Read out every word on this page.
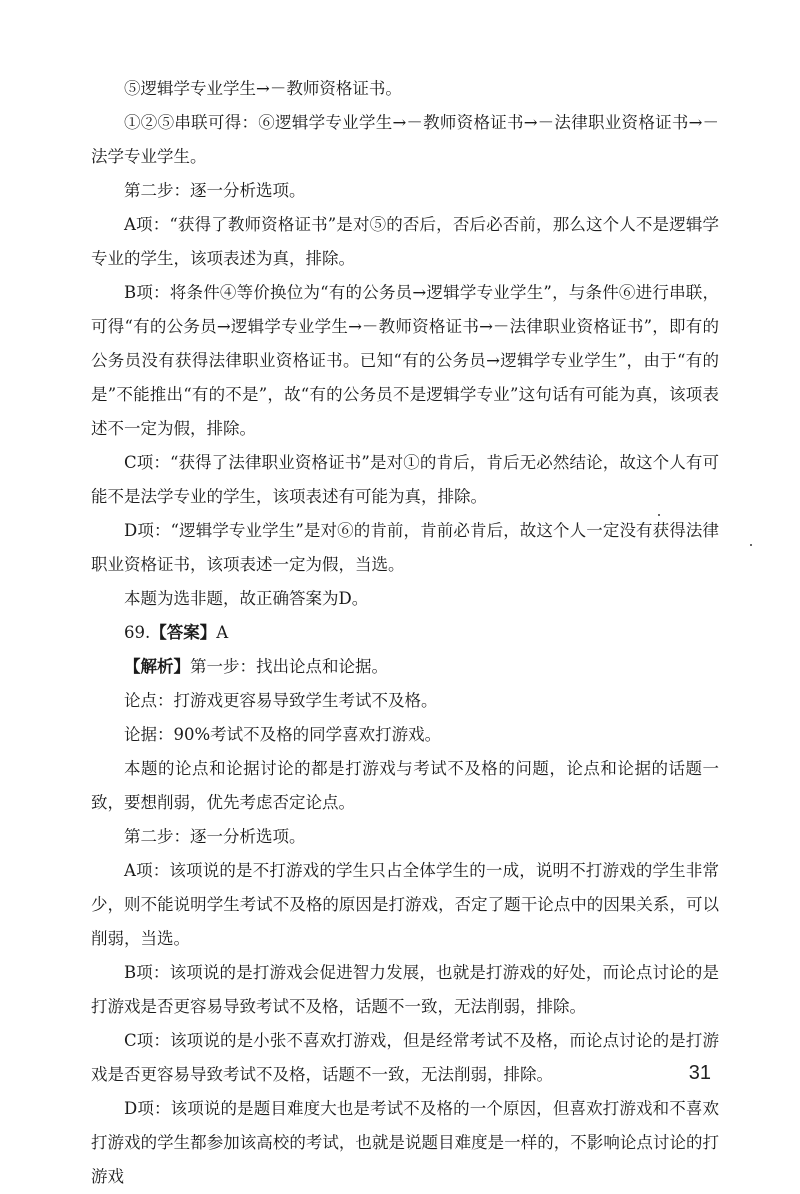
⑤逻辑学专业学生→－教师资格证书。

①②⑤串联可得：⑥逻辑学专业学生→－教师资格证书→－法律职业资格证书→－法学专业学生。

第二步：逐一分析选项。

A项：“获得了教师资格证书”是对⑤的否后，否后必否前，那么这个人不是逻辑学专业的学生，该项表述为真，排除。

B项：将条件④等价换位为“有的公务员→逻辑学专业学生”，与条件⑥进行串联，可得“有的公务员→逻辑学专业学生→－教师资格证书→－法律职业资格证书”，即有的公务员没有获得法律职业资格证书。已知“有的公务员→逻辑学专业学生”，由于“有的是”不能推出“有的不是”，故“有的公务员不是逻辑学专业”这句话有可能为真，该项表述不一定为假，排除。

C项：“获得了法律职业资格证书”是对①的肯后，肯后无必然结论，故这个人有可能不是法学专业的学生，该项表述有可能为真，排除。

D项：“逻辑学专业学生”是对⑥的肯前，肯前必肯后，故这个人一定没有获得法律职业资格证书，该项表述一定为假，当选。

本题为选非题，故正确答案为D。

69.【答案】A

【解析】第一步：找出论点和论据。

论点：打游戏更容易导致学生考试不及格。

论据：90%考试不及格的同学喜欢打游戏。

本题的论点和论据讨论的都是打游戏与考试不及格的问题，论点和论据的话题一致，要想削弱，优先考虑否定论点。

第二步：逐一分析选项。

A项：该项说的是不打游戏的学生只占全体学生的一成，说明不打游戏的学生非常少，则不能说明学生考试不及格的原因是打游戏，否定了题干论点中的因果关系，可以削弱，当选。

B项：该项说的是打游戏会促进智力发展，也就是打游戏的好处，而论点讨论的是打游戏是否更容易导致考试不及格，话题不一致，无法削弱，排除。

C项：该项说的是小张不喜欢打游戏，但是经常考试不及格，而论点讨论的是打游戏是否更容易导致考试不及格，话题不一致，无法削弱，排除。

D项：该项说的是题目难度大也是考试不及格的一个原因，但喜欢打游戏和不喜欢打游戏的学生都参加该高校的考试，也就是说题目难度是一样的，不影响论点讨论的打游戏

31
